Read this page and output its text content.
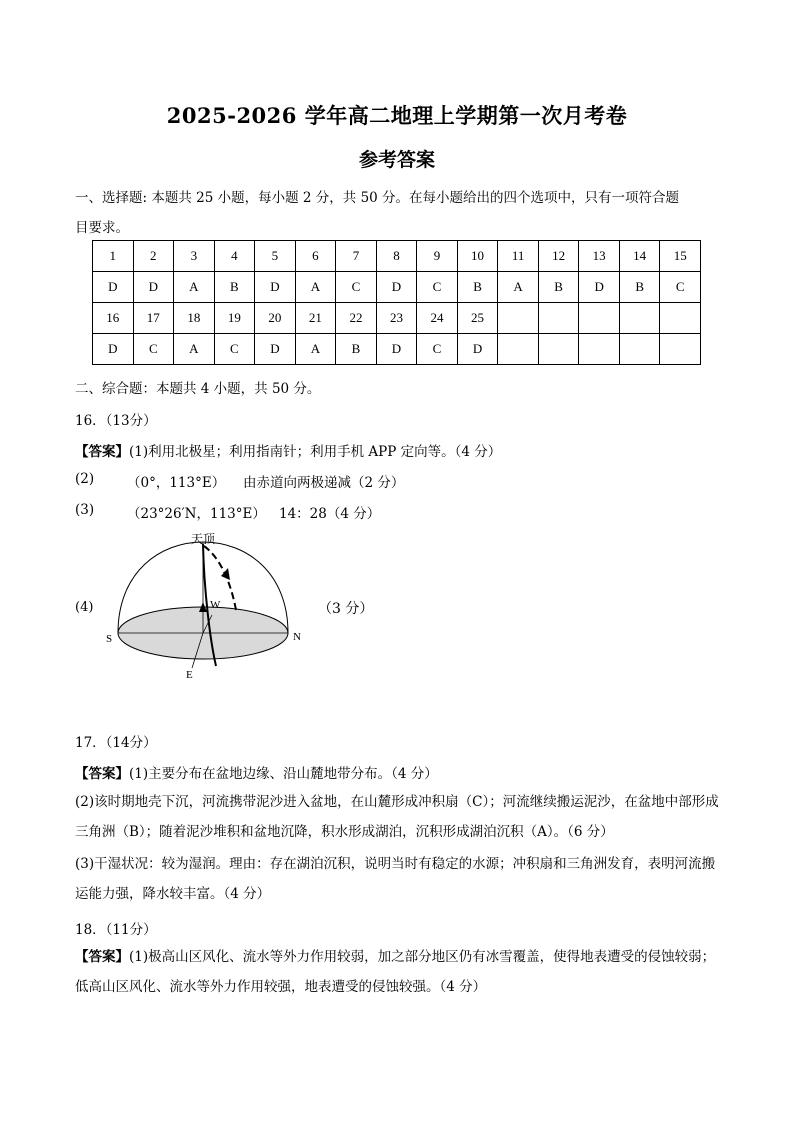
2025-2026 学年高二地理上学期第一次月考卷
参考答案
一、选择题: 本题共 25 小题，每小题 2 分，共 50 分。在每小题给出的四个选项中，只有一项符合题
目要求。
1	2	3	4	5	6	7	8	9	10	11	12	13	14	15
D	D	A	B	D	A	C	D	C	B	A	B	D	B	C
16	17	18	19	20	21	22	23	24	25					
D	C	A	C	D	A	B	D	C	D					
二、综合题：本题共 4 小题，共 50 分。
16．（13分）
【答案】(1)利用北极星；利用指南针；利用手机 APP 定向等。（4 分）
(2) （0°，113°E） 由赤道向两极递减（2 分）
(3) （23°26′N，113°E） 14：28（4 分）
(4)	（3 分）
天顶
W
S	N
E
17．（14分）
【答案】(1)主要分布在盆地边缘、沿山麓地带分布。（4 分）
(2)该时期地壳下沉，河流携带泥沙进入盆地，在山麓形成冲积扇（C）；河流继续搬运泥沙，在盆地中部形成三角洲（B）；随着泥沙堆积和盆地沉降，积水形成湖泊，沉积形成湖泊沉积（A）。（6 分）
(3)干湿状况：较为湿润。理由：存在湖泊沉积，说明当时有稳定的水源；冲积扇和三角洲发育，表明河流搬运能力强，降水较丰富。（4 分）
18．（11分）
【答案】(1)极高山区风化、流水等外力作用较弱，加之部分地区仍有冰雪覆盖，使得地表遭受的侵蚀较弱；低高山区风化、流水等外力作用较强，地表遭受的侵蚀较强。（4 分）
